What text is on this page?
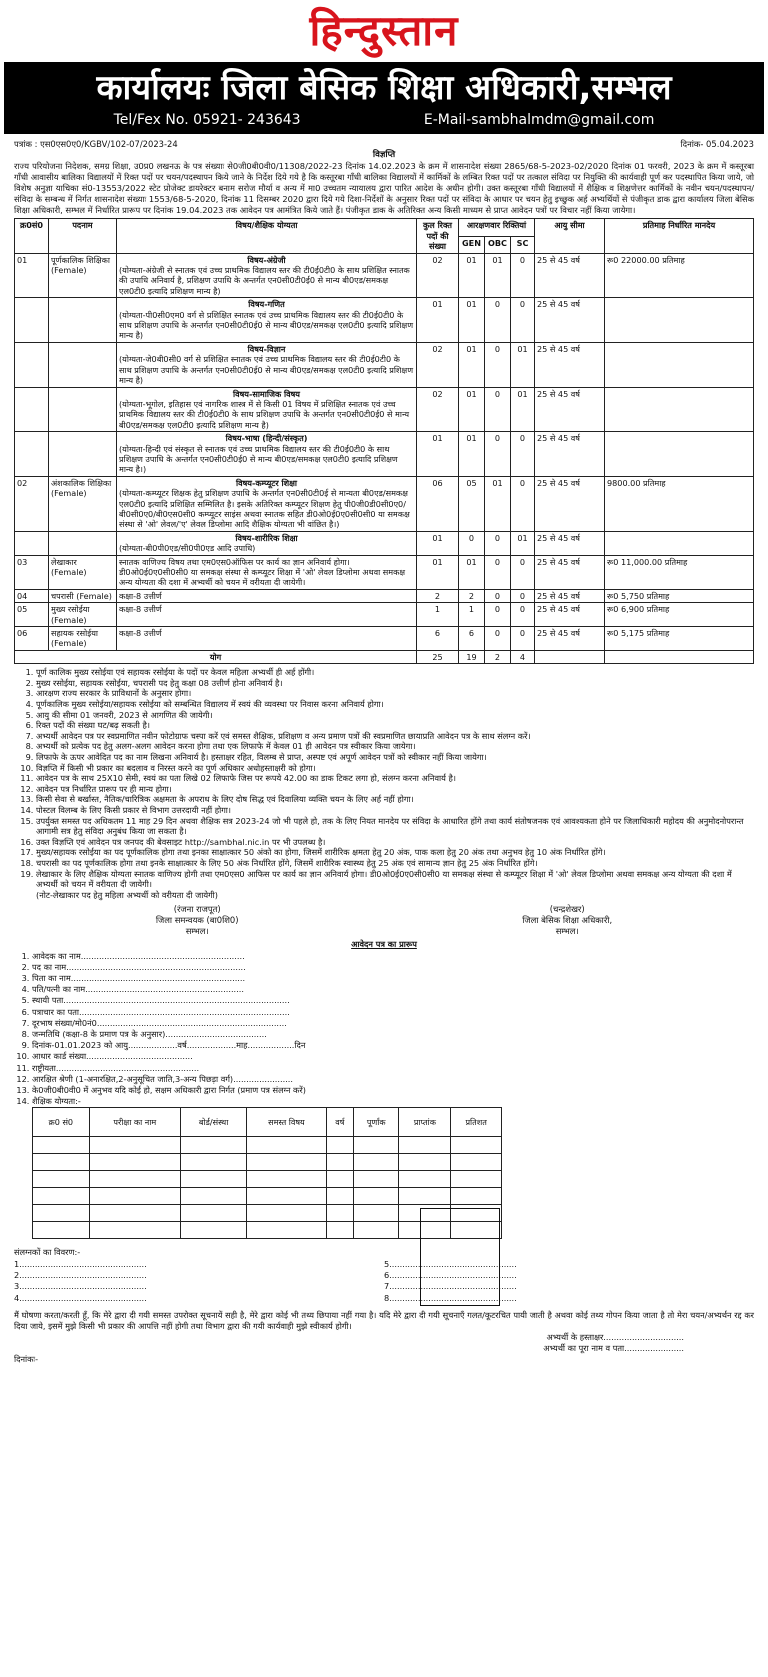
हिन्दुस्तान
कार्यालयः जिला बेसिक शिक्षा अधिकारी,सम्भल
Tel/Fex No. 05921- 243643	E-Mail-sambhalmdm@gmail.com
पत्रांक : एस0एस0ए0/KGBV/102-07/2023-24	दिनांक- 05.04.2023
विज्ञप्ति
राज्य परियोजना निदेशक, समग्र शिक्षा, उ0प्र0 लखनऊ के पत्र संख्याः से0जी0बी0वी0/11308/2022-23 दिनांक 14.02.2023 के क्रम में शासनादेश संख्या 2865/68-5-2023-02/2020 दिनांक 01 फरवरी, 2023 के क्रम में कस्तूरबा गाँधी आवासीय बालिका विद्यालयों में रिक्त पदों पर चयन/पदस्थापन किये जाने के निर्देश दिये गये है कि कस्तूरबा गाँधी बालिका विद्यालयों में कार्मिकों के लम्बित रिक्त पदों पर तत्काल संविदा पर नियुक्ति की कार्यवाही पूर्ण कर पदस्थापित किया जाये, जो विशेष अनुज्ञा याचिका सं0-13553/2022 स्टेट प्रोजेक्ट डायरेक्टर बनाम सरोज मौर्या व अन्य में मा0 उच्चतम न्यायालय द्वारा पारित आदेश के अधीन होगी। उक्त कस्तूरबा गाँधी विद्यालयों में शैक्षिक व शिक्षणेत्तर कार्मिकों के नवीन चयन/पदस्थापन/संविदा के सम्बन्ध में निर्गत शासनादेश संख्याः 1553/68-5-2020, दिनांक 11 दिसम्बर 2020 द्वारा दिये गये दिशा-निर्देशों के अनुसार रिक्त पदों पर संविदा के आधार पर चयन हेतु इच्छुक अर्ह अभ्यर्थियों से पंजीकृत डाक द्वारा कार्यालय जिला बेसिक शिक्षा अधिकारी, सम्भल में निर्धारित प्रारूप पर दिनांक 19.04.2023 तक आवेदन पत्र आमंत्रित किये जाते हैं। पंजीकृत डाक के अतिरिक्त अन्य किसी माध्यम से प्राप्त आवेदन पत्रों पर विचार नहीं किया जायेगा।
क्र0सं0	पदनाम	विषय/शैक्षिक योग्यता	कुल रिक्त पदों की संख्या	आरक्षणवार रिक्तियां			आयु सीमा	प्रतिमाह निर्धारित मानदेय
				GEN	OBC	SC		
01	पूर्णकालिक शिक्षिका (Female)	विषय-अंग्रेजी
(योग्यता-अंग्रेजी से स्नातक एवं उच्च प्राथमिक विद्यालय स्तर की टी0ई0टी0 के साथ प्रशिक्षित स्नातक की उपाधि अनिवार्य है, प्रशिक्षण उपाधि के अन्तर्गत एन0सी0टी0ई0 से मान्य बी0एड/समकक्ष एल0टी0 इत्यादि प्रशिक्षण मान्य है)	02	01	01	0	25 से 45 वर्ष	रू0 22000.00 प्रतिमाह

		विषय-गणित
(योग्यता-पी0सी0एम0 वर्ग से प्रशिक्षित स्नातक एवं उच्च प्राथमिक विद्यालय स्तर की टी0ई0टी0 के साथ प्रशिक्षण उपाधि के अन्तर्गत एन0सी0टी0ई0 से मान्य बी0एड/समकक्ष एल0टी0 इत्यादि प्रशिक्षण मान्य है)	01	01	0	0	25 से 45 वर्ष	

		विषय-विज्ञान
(योग्यता-जे0बी0सी0 वर्ग से प्रशिक्षित स्नातक एवं उच्च प्राथमिक विद्यालय स्तर की टी0ई0टी0 के साथ प्रशिक्षण उपाधि के अन्तर्गत एन0सी0टी0ई0 से मान्य बी0एड/समकक्ष एल0टी0 इत्यादि प्रशिक्षण मान्य है)	02	01	0	01	25 से 45 वर्ष	

		विषय-सामाजिक विषय
(योग्यता-भूगोल, इतिहास एवं नागरिक शास्त्र में से किसी 01 विषय में प्रशिक्षित स्नातक एवं उच्च प्राथमिक विद्यालय स्तर की टी0ई0टी0 के साथ प्रशिक्षण उपाधि के अन्तर्गत एन0सी0टी0ई0 से मान्य बी0एड/समकक्ष एल0टी0 इत्यादि प्रशिक्षण मान्य है)	02	01	0	01	25 से 45 वर्ष	

		विषय-भाषा (हिन्दी/संस्कृत)
(योग्यता-हिन्दी एवं संस्कृत से स्नातक एवं उच्च प्राथमिक विद्यालय स्तर की टी0ई0टी0 के साथ प्रशिक्षण उपाधि के अन्तर्गत एन0सी0टी0ई0 से मान्य बी0एड/समकक्ष एल0टी0 इत्यादि प्रशिक्षण मान्य है।)	01	01	0	0	25 से 45 वर्ष	
02	अंशकालिक शिक्षिका (Female)	विषय-कम्प्यूटर शिक्षा
(योग्यता-कम्प्यूटर शिक्षक हेतु प्रशिक्षण उपाधि के अन्तर्गत एन0सी0टी0ई से मान्यता बी0एड/समकक्ष एल0टी0 इत्यादि प्रशिक्षित सम्मिलित है। इसके अतिरिक्त कम्प्यूटर शिक्षण हेतु पी0जी0डी0सी0ए0/बी0सी0ए0/बी0एस0सी0 कम्प्यूटर साइंस अथवा स्नातक सहित डी0ओ0ई0ए0सी0सी0 या समकक्ष संस्था से 'ओ' लेवल/'ए' लेवल डिप्लोमा आदि शैक्षिक योग्यता भी वांछित है।)	06	05	01	0	25 से 45 वर्ष	9800.00 प्रतिमाह

		विषय-शारीरिक शिक्षा
(योग्यता-बी0पी0एड/सी0पी0एड आदि उपाधि)	01	0	0	01	25 से 45 वर्ष	
03	लेखाकार (Female)	स्नातक वाणिज्य विषय तथा एम0एस0ऑफिस पर कार्य का ज्ञान अनिवार्य होगा। डी0ओ0ई0ए0सी0सी0 या समकक्ष संस्था से कम्प्यूटर शिक्षा में 'ओ' लेवल डिप्लोमा अथवा समकक्ष अन्य योग्यता की दशा में अभ्यर्थी को चयन में वरीयता दी जायेगी।	01	01	0	0	25 से 45 वर्ष	रू0 11,000.00 प्रतिमाह
04	चपरासी (Female)	कक्षा-8 उत्तीर्ण	2	2	0	0	25 से 45 वर्ष	रू0 5,750 प्रतिमाह
05	मुख्य रसोईया (Female)	कक्षा-8 उत्तीर्ण	1	1	0	0	25 से 45 वर्ष	रू0 6,900 प्रतिमाह
06	सहायक रसोईया (Female)	कक्षा-8 उत्तीर्ण	6	6	0	0	25 से 45 वर्ष	रू0 5,175 प्रतिमाह
योग			25	19	2	4		
1. पूर्ण कालिक मुख्य रसोईया एवं सहायक रसोईया के पदों पर केवल महिला अभ्यर्थी ही अर्ह होंगी।
2. मुख्य रसोईया, सहायक रसोईया, चपरासी पद हेतु कक्षा 08 उत्तीर्ण होना अनिवार्य है।
3. आरक्षण राज्य सरकार के प्राविधानों के अनुसार होगा।
4. पूर्णकालिक मुख्य रसोईया/सहायक रसोईया को सम्बन्धित विद्यालय में स्वयं की व्यवस्था पर निवास करना अनिवार्य होगा।
5. आयु की सीमा 01 जनवरी, 2023 से आगणित की जायेगी।
6. रिक्त पदों की संख्या घट/बढ़ सकती है।
7. अभ्यर्थी आवेदन पत्र पर स्वप्रमाणित नवीन फोटोग्राफ चस्पा करें एवं समस्त शैक्षिक, प्रशिक्षण व अन्य प्रमाण पत्रों की स्वप्रमाणित छायाप्रति आवेदन पत्र के साथ संलग्न करें।
8. अभ्यर्थी को प्रत्येक पद हेतु अलग-अलग आवेदन करना होगा तथा एक लिफाफे में केवल 01 ही आवेदन पत्र स्वीकार किया जायेगा।
9. लिफाफे के ऊपर आवेदित पद का नाम लिखना अनिवार्य है। हस्ताक्षर रहित, विलम्ब से प्राप्त, अस्पष्ट एवं अपूर्ण आवेदन पत्रों को स्वीकार नहीं किया जायेगा।
10. विज्ञप्ति में किसी भी प्रकार का बदलाव व निरस्त करने का पूर्ण अधिकार अधोहस्ताक्षरी को होगा।
11. आवेदन पत्र के साथ 25X10 सेमी, स्वयं का पता लिखे 02 लिफाफे जिस पर रूपये 42.00 का डाक टिकट लगा हो, संलग्न करना अनिवार्य है।
12. आवेदन पत्र निर्धारित प्रारूप पर ही मान्य होगा।
13. किसी सेवा से बर्खास्त, नैतिक/चारित्रिक अक्षमता के अपराध के लिए दोष सिद्ध एवं दिवालिया व्यक्ति चयन के लिए अर्ह नहीं होगा।
14. पोस्टल विलम्ब के लिए किसी प्रकार से विभाग उत्तरदायी नहीं होगा।
15. उपर्युक्त समस्त पद अधिकतम 11 माह 29 दिन अथवा शैक्षिक सत्र 2023-24 जो भी पहले हो, तक के लिए नियत मानदेय पर संविदा के आधारित होंगे तथा कार्य संतोषजनक एवं आवश्यकता होने पर जिलाधिकारी महोदय की अनुमोदनोपरान्त आगामी सत्र हेतु संविदा अनुबंध किया जा सकता है।
16. उक्त विज्ञप्ति एवं आवेदन पत्र जनपद की बेवसाइट http://sambhal.nic.in पर भी उपलब्ध है।
17. मुख्य/सहायक रसोईया का पद पूर्णकालिक होगा तथा इनका साक्षात्कार 50 अंको का होगा, जिसमें शारीरिक क्षमता हेतु 20 अंक, पाक कला हेतु 20 अंक तथा अनुभव हेतु 10 अंक निर्धारित होंगे।
18. चपरासी का पद पूर्णकालिक होगा तथा इनके साक्षात्कार के लिए 50 अंक निर्धारित होंगे, जिसमें शारीरिक स्वास्थ्य हेतु 25 अंक एवं सामान्य ज्ञान हेतु 25 अंक निर्धारित होंगे।
19. लेखाकार के लिए शैक्षिक योग्यता स्नातक वाणिज्य होगी तथा एम0एस0 आफिस पर कार्य का ज्ञान अनिवार्य होगा। डी0ओ0ई0ए0सी0सी0 या समकक्ष संस्था से कम्प्यूटर शिक्षा में 'ओ' लेवल डिप्लोमा अथवा समकक्ष अन्य योग्यता की दशा में अभ्यर्थी को चयन में वरीयता दी जायेगी।
(नोट-लेखाकार पद हेतु महिला अभ्यर्थी को वरीयता दी जायेगी)
(रंजना राजपूत)
जिला समन्वयक (बा0शि0)
सम्भल।
(चन्द्रशेखर)
जिला बेसिक शिक्षा अधिकारी,
सम्भल।
आवेदन पत्र का प्रारूप
1. आवेदक का नाम...............................................................
2. पद का नाम.....................................................................
3. पिता का नाम...................................................................
4. पति/पत्नी का नाम.............................................................
5. स्थायी पता.......................................................................................
6. पत्राचार का पता.................................................................................
7. दूरभाष संख्या/मो0नं0.........................................................................
8. जन्मतिथि (कक्षा-8 के प्रमाण पत्र के अनुसार).......................................
9. दिनांक-01.01.2023 को आयु...................वर्ष...................माह..................दिन
10. आधार कार्ड संख्या.........................................
11. राष्ट्रीयता.......................................................
12. आरक्षित श्रेणी (1-अनारक्षित,2-अनुसूचित जाति,3-अन्य पिछड़ा वर्ग).......................
13. के0जी0बी0वी0 में अनुभव यदि कोई हो, सक्षम अधिकारी द्वारा निर्गत (प्रमाण पत्र संलग्न करें)
14. शैक्षिक योग्यता:-
क्र0 सं0	परीक्षा का नाम	बोर्ड/संस्था	समस्त विषय	वर्ष	पूर्णांक	प्राप्तांक	प्रतिशत

संलग्नकों का विवरण:-
1.................................................
2.................................................
3.................................................
4.................................................
5.................................................
6.................................................
7.................................................
8.................................................
मैं घोषणा करता/करती हूँ, कि मेरे द्वारा दी गयी समस्त उपरोक्त सूचनायें सही है, मेरे द्वारा कोई भी तथ्य छिपाया नहीं गया है। यदि मेरे द्वारा दी गयी सूचनाएँ गलत/कूटरचित पायी जाती है अथवा कोई तथ्य गोपन किया जाता है तो मेरा चयन/अभ्यर्थन रद्द कर दिया जाये, इसमें मुझे किसी भी प्रकार की आपत्ति नहीं होगी तथा विभाग द्वारा की गयी कार्यवाही मुझे स्वीकार्य होगी।
अभ्यर्थी के हस्ताक्षर...............................
अभ्यर्थी का पूरा नाम व पता.......................
दिनांकः-
